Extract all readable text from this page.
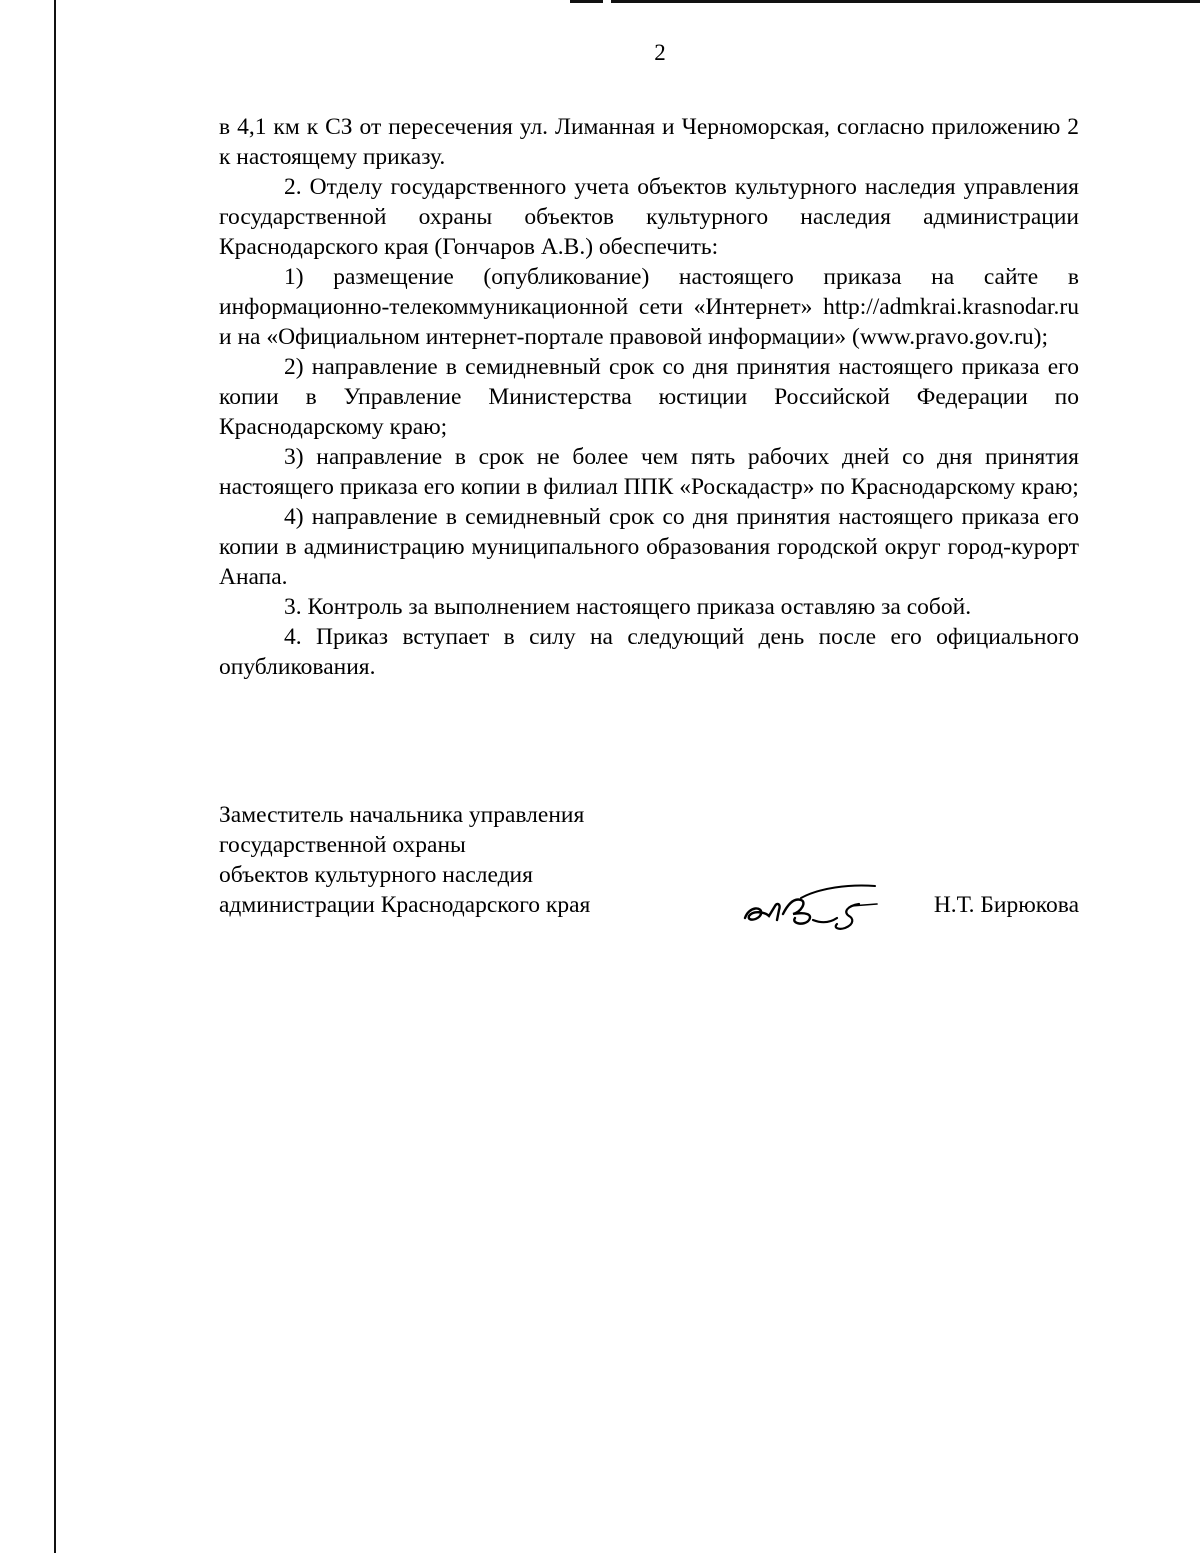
2

в 4,1 км к СЗ от пересечения ул. Лиманная и Черноморская, согласно приложению 2 к настоящему приказу.

2. Отделу государственного учета объектов культурного наследия управления государственной охраны объектов культурного наследия администрации Краснодарского края (Гончаров А.В.) обеспечить:

1) размещение (опубликование) настоящего приказа на сайте в информационно-телекоммуникационной сети «Интернет» http://admkrai.krasnodar.ru и на «Официальном интернет-портале правовой информации» (www.pravo.gov.ru);

2) направление в семидневный срок со дня принятия настоящего приказа его копии в Управление Министерства юстиции Российской Федерации по Краснодарскому краю;

3) направление в срок не более чем пять рабочих дней со дня принятия настоящего приказа его копии в филиал ППК «Роскадастр» по Краснодарскому краю;

4) направление в семидневный срок со дня принятия настоящего приказа его копии в администрацию муниципального образования городской округ город-курорт Анапа.

3. Контроль за выполнением настоящего приказа оставляю за собой.

4. Приказ вступает в силу на следующий день после его официального опубликования.

Заместитель начальника управления
государственной охраны
объектов культурного наследия
администрации Краснодарского края	Н.Т. Бирюкова
